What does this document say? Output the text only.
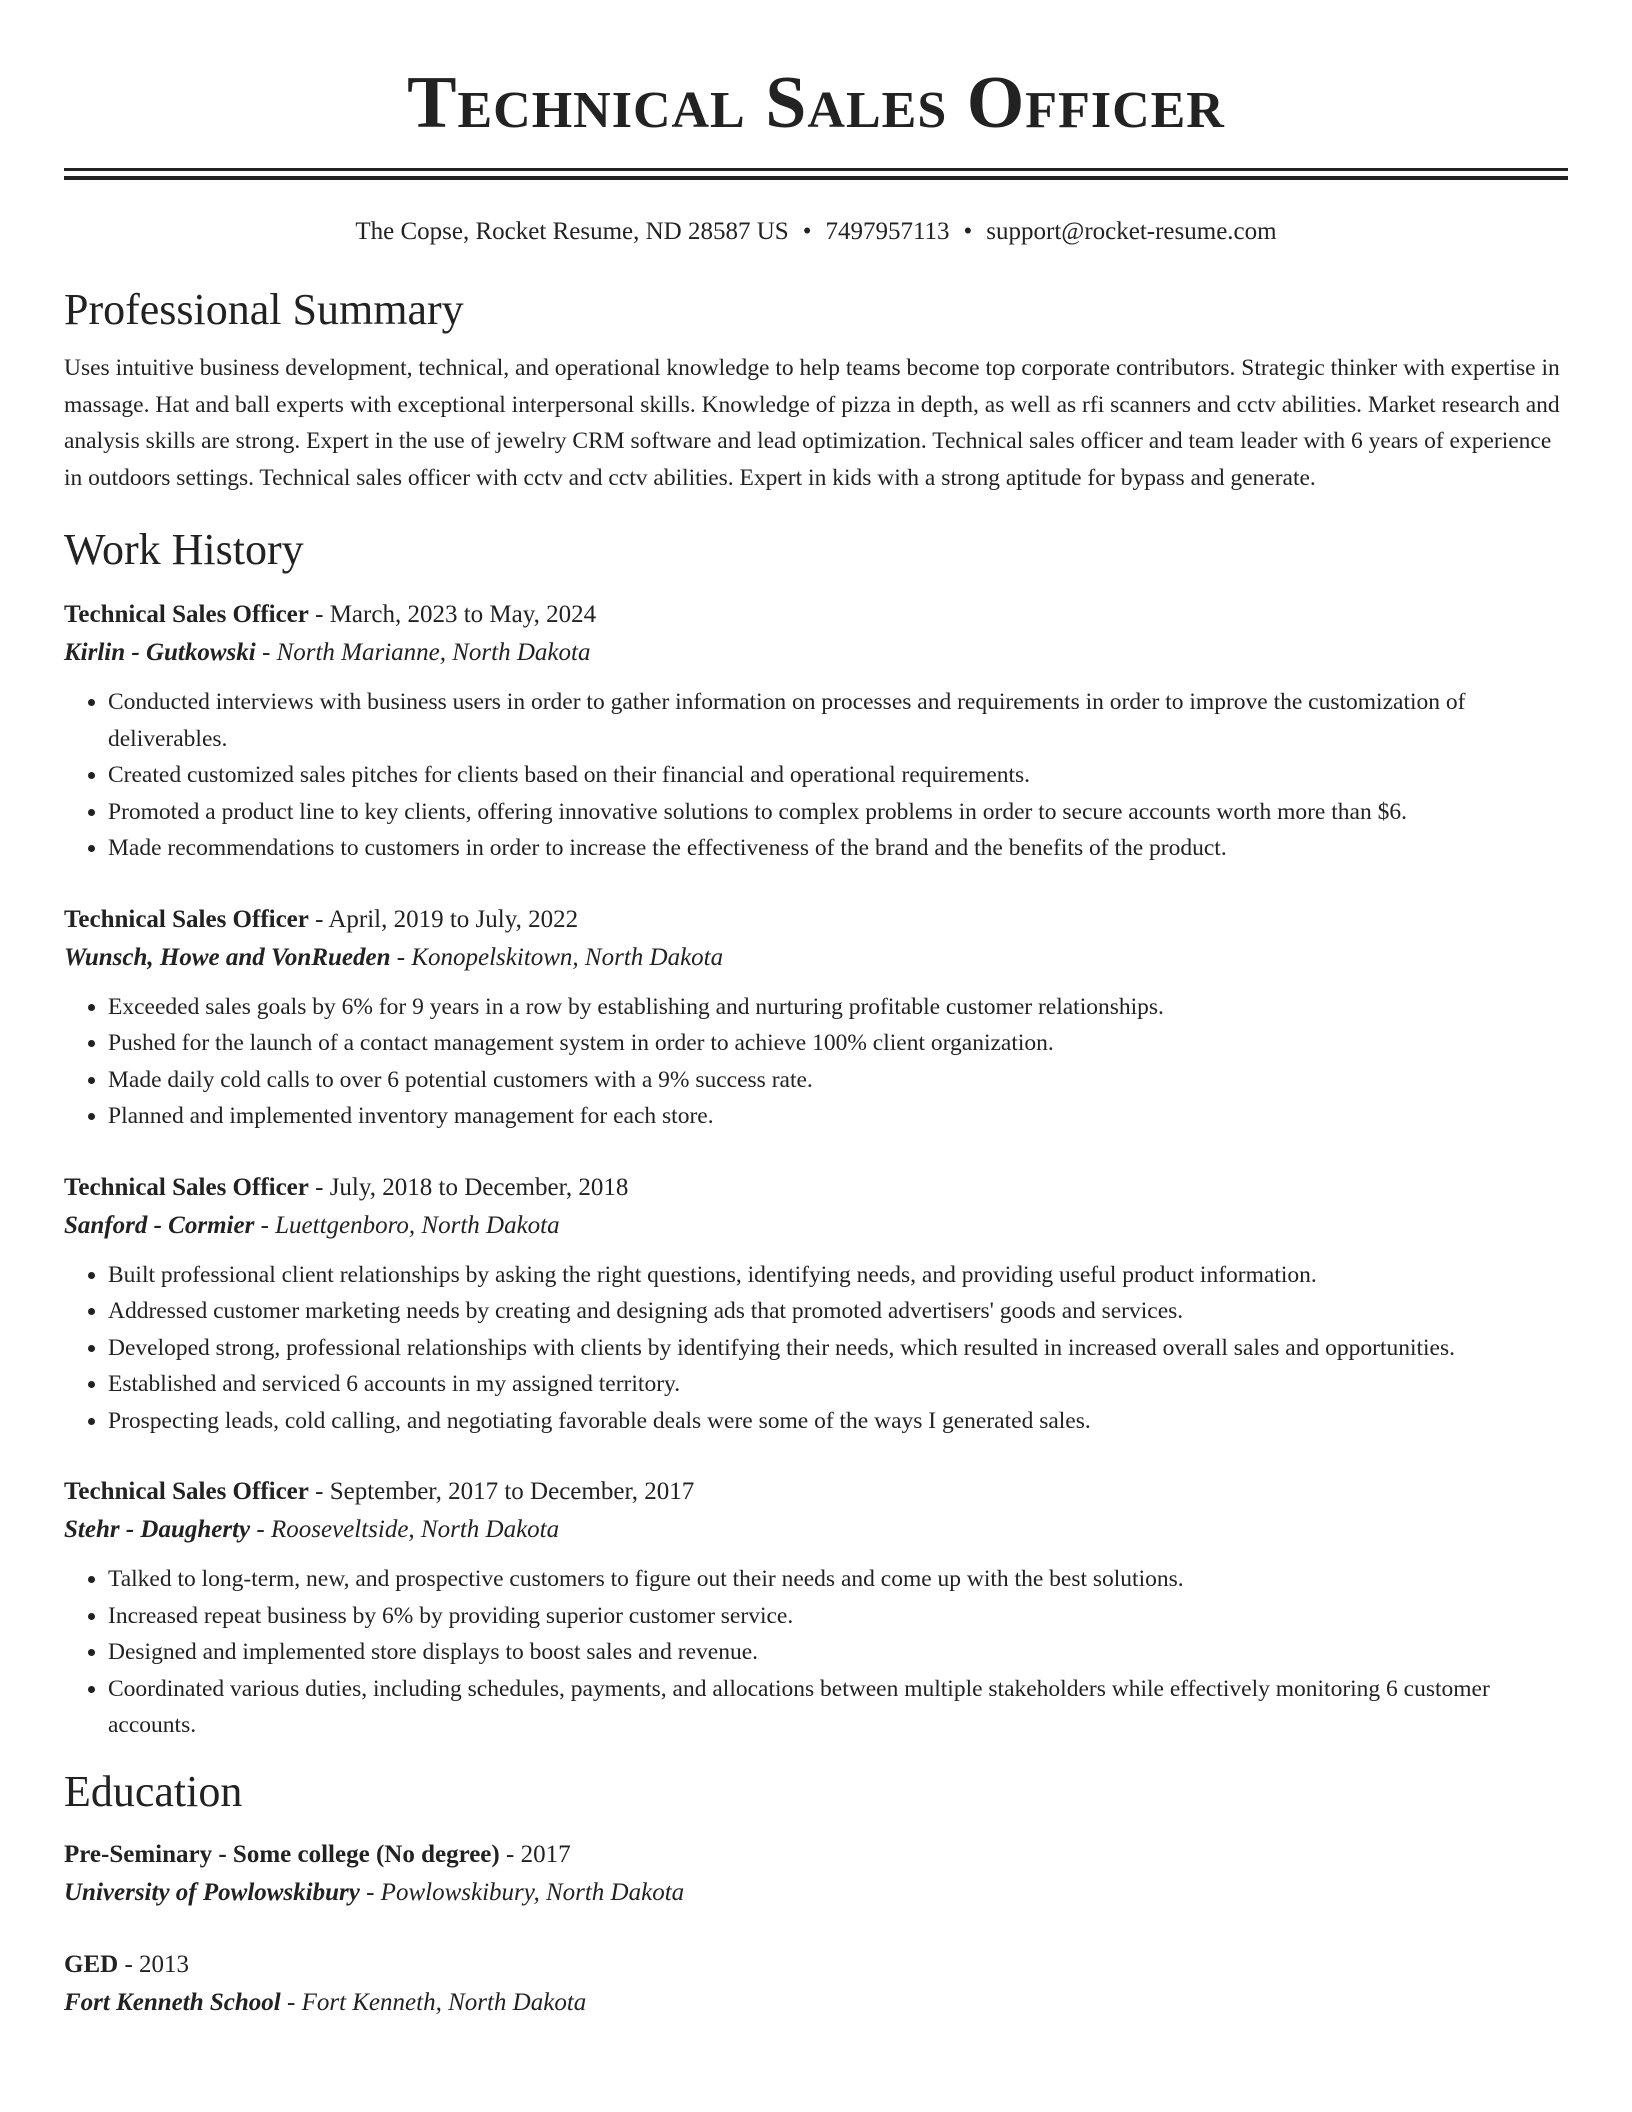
Technical Sales Officer
The Copse, Rocket Resume, ND 28587 US • 7497957113 • support@rocket-resume.com
Professional Summary

Uses intuitive business development, technical, and operational knowledge to help teams become top corporate contributors. Strategic thinker with expertise in massage. Hat and ball experts with exceptional interpersonal skills. Knowledge of pizza in depth, as well as rfi scanners and cctv abilities. Market research and analysis skills are strong. Expert in the use of jewelry CRM software and lead optimization. Technical sales officer and team leader with 6 years of experience in outdoors settings. Technical sales officer with cctv and cctv abilities. Expert in kids with a strong aptitude for bypass and generate.

Work History
Technical Sales Officer - March, 2023 to May, 2024
Kirlin - Gutkowski - North Marianne, North Dakota
• Conducted interviews with business users in order to gather information on processes and requirements in order to improve the customization of deliverables.
• Created customized sales pitches for clients based on their financial and operational requirements.
• Promoted a product line to key clients, offering innovative solutions to complex problems in order to secure accounts worth more than $6.
• Made recommendations to customers in order to increase the effectiveness of the brand and the benefits of the product.
Technical Sales Officer - April, 2019 to July, 2022
Wunsch, Howe and VonRueden - Konopelskitown, North Dakota
• Exceeded sales goals by 6% for 9 years in a row by establishing and nurturing profitable customer relationships.
• Pushed for the launch of a contact management system in order to achieve 100% client organization.
• Made daily cold calls to over 6 potential customers with a 9% success rate.
• Planned and implemented inventory management for each store.
Technical Sales Officer - July, 2018 to December, 2018
Sanford - Cormier - Luettgenboro, North Dakota
• Built professional client relationships by asking the right questions, identifying needs, and providing useful product information.
• Addressed customer marketing needs by creating and designing ads that promoted advertisers' goods and services.
• Developed strong, professional relationships with clients by identifying their needs, which resulted in increased overall sales and opportunities.
• Established and serviced 6 accounts in my assigned territory.
• Prospecting leads, cold calling, and negotiating favorable deals were some of the ways I generated sales.
Technical Sales Officer - September, 2017 to December, 2017
Stehr - Daugherty - Rooseveltside, North Dakota
• Talked to long-term, new, and prospective customers to figure out their needs and come up with the best solutions.
• Increased repeat business by 6% by providing superior customer service.
• Designed and implemented store displays to boost sales and revenue.
• Coordinated various duties, including schedules, payments, and allocations between multiple stakeholders while effectively monitoring 6 customer accounts.
Education
Pre-Seminary - Some college (No degree) - 2017
University of Powlowskibury - Powlowskibury, North Dakota
GED - 2013
Fort Kenneth School - Fort Kenneth, North Dakota
